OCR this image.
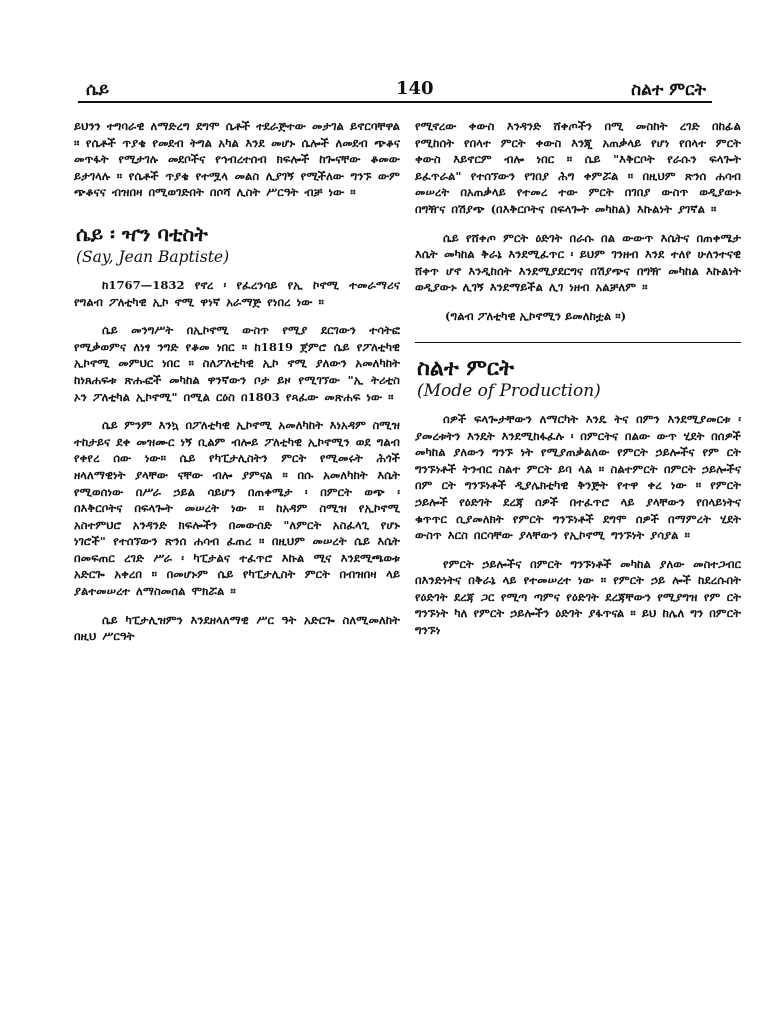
ሴይ	140	ስልተ ምርት

ይህንን ተግባራዊ ለማድረግ ደግሞ ሴቶች ተደራጅተው መታገል ይኖርባቸዋል ። የሴቶች ጥያቄ የመደብ ትግል አካል እንደ መሆኑ ሴሎች ለመደብ ጭቆና መጥፋት የሚታገሉ መደቦችና የኅብረተሰብ ክፍሎች ከጐናቸው ቆመው ይታገላሉ ። የሴቶች ጥያቄ የተሟላ መልስ ሊያገኝ የሚችለው ግንኙ ውም ጭቆናና ብዝበዛ በሚወገድበት በሶሻ ሊስት ሥርዓት ብቻ ነው ።

ሴይ ፡ ዣን ባቲስት
(Say, Jean Baptiste)

ከ1767—1832 የኖረ ፡ የፈረንሳይ የኢ ኮኖሚ ተመራማሪና የግልብ ፖለቲካዊ ኢኮ ኖሚ ዋነኛ አራማጅ የነበረ ነው ።

ሴይ መንግሥት በኢኮኖሚ ውስጥ የሚያ ደርገውን ተሳትፎ የሚቃወምና ለነፃ ንግድ የቆመ ነበር ። ከ1819 ጀምሮ ሴይ የፖለቲካዊ ኢኮኖሚ መምህር ነበር ። ስለፖለቲካዊ ኢኮ ኖሚ ያለውን አመለካከት ከነጸሐፍቱ ጽሑፎች መካከል ዋንኛውን ቦታ ይዞ የሚገኘው "ኢ ትሪቲስ ኦን ፖለቲካል ኢኮኖሚ" በሚል ርዕስ በ1803 የጻፈው መጽሐፍ ነው ።

ሴይ ምንም እንኳ በፖለቲካዊ ኢኮኖሚ አመለካከት እነአዳም ስሚዝ ተከታይና ደቀ መዝሙር ነኝ ቢልም ብሎይ ፖለቲካዊ ኢኮኖሚን ወደ ግልብ የቀየረ ሰው ነው። ሴይ የካፒታሊስትን ምርት የሚመሩት ሕጎች ዘላለማዊነት ያላቸው ናቸው ብሎ ያምናል ። በሱ አመለካከት እሴት የሚወሰነው በሥራ ኃይል ሳይሆን በጠቀሜታ ፡ በምርት ወጭ ፡ በእቅርቦትና በፍላጐት መሠረት ነው ። ከአዳም ስሚዝ የኢኮኖሚ አስተምህሮ አንዳንድ ክፍሎችን በመውሰድ "ለምርት አስፈላጊ የሆኑ ነገሮች" የተሰኘውን ጽንሰ ሐሳብ ፈጠረ ። በዚህም መሠረት ሴይ እሴት በመፍጠር ረገድ ሥራ ፡ ካፒታልና ተፈጥሮ እኩል ሚና እንደሚጫወቱ አድርጐ አቀረበ ። በመሆኑም ሴይ የካፒታሊስት ምርት በብዝበዛ ላይ ያልተመሠረተ ለማስመሰል ሞክሯል ።

ሴይ ካፒታሊዝምን እንደዘላለማዊ ሥር ዓት አድርጐ ስለሚመለከት በዚህ ሥርዓት

የሚኖረው ቀውስ እንዳንድ ሸቀጦችን በሚ መስከት ረገድ በከፊል የሚከሰት የበላተ ምርት ቀውስ እንጂ አጠቃላይ የሆነ የበላተ ምርት ቀውስ እይኖርም ብሎ ነበር ። ሴይ "እቅርቦት የራሱን ፍላጐት ይፈጥራል" የተሰኘውን የገበያ ሕግ ቀምሯል ። በዚህም ጽንሰ ሐሳብ መሠረት በአጠቃላይ የተመረ ተው ምርት በገበያ ውስጥ ወዲያውኑ በግዥና በሽያጭ (በእቅርቦትና በፍላጐት መካከል) እኩልነት ያገኛል ።

ሴይ የሸቀጦ ምርት ዕድገት በራሱ በል ውውጥ እሴትና በጠቀሜታ እሴት መካከል ቅራኔ እንደሚፈጥር ፡ ይህም ገንዘብ እንደ ተለየ ሁለንተናዊ ሸቀጥ ሆኖ እንዲከሰት እንደሚያደርግና በሽያጭና በግዥ መካከል እኩልነት ወዲያውኑ ሊገኝ እንደማይችል ሊገ ነዘብ አልቻለም ።

(ግልብ ፖለቲካዊ ኢኮኖሚን ይመለከቷል ።)
ስልተ ምርት
(Mode of Production)

ሰዎች ፍላጐታቸውን ለማርካት እንዴ ትና በምን እንደሚያመርቱ ፡ ያመረቱትን እንዴት እንደሚከፋፈሉ ፡ በምርትና በልው ውጥ ሂደት በሰዎች መካከል ያለውን ግንኙ ነት የሚያጠቃልለው የምርት ኃይሎችና የም ርት ግንኙነቶች ትንብር ስልተ ምርት ይባ ላል ። ስልተምርት በምርት ኃይሎችና በም ርት ግንኙነቶች ዲያሌክቲካዊ ቅንጅት የተዋ ቀረ ነው ። የምርት ኃይሎች የዕድገት ደረጃ ሰዎች በተፈጥሮ ላይ ያላቸውን የበላይነትና ቁጥጥር ሲያመለክት የምርት ግንኙነቶች ደግሞ ሰዎች በማምረት ሂደት ውስጥ እርስ በርሳቸው ያላቸውን የኢኮኖሚ ግንኙነት ያሳያል ።

የምርት ኃይሎችና በምርት ግንኙነቶች መካከል ያለው መስተጋብር በእንድነትና በቅራኔ ላይ የተመሠረተ ነው ። የምርት ኃይ ሎች ከደረሱበት የዕድገት ደረጃ ጋር የሚጣ ጣምና የዕድገት ደረጃቸውን የሚያግዝ የም ርት ግንኙነት ካለ የምርት ኃይሎችን ዕድገት ያፋጥናል ። ይህ ከሌለ ግን በምርት ግንኙነ
